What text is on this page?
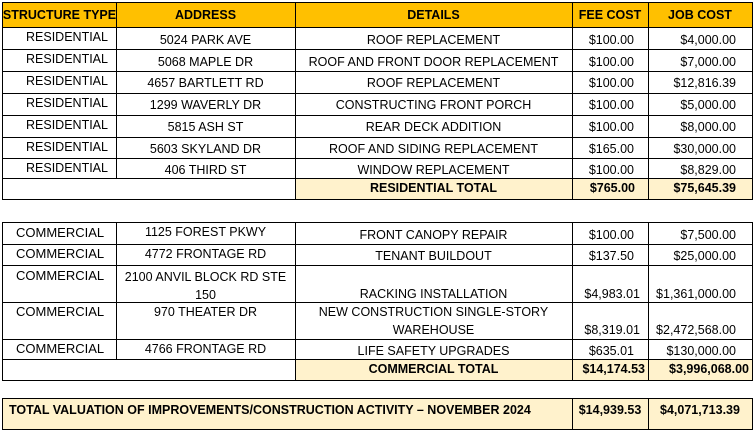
STRUCTURE TYPE	ADDRESS	DETAILS	FEE COST	JOB COST
RESIDENTIAL	5024 PARK AVE	ROOF REPLACEMENT	$100.00	$4,000.00
RESIDENTIAL	5068 MAPLE DR	ROOF AND FRONT DOOR REPLACEMENT	$100.00	$7,000.00
RESIDENTIAL	4657 BARTLETT RD	ROOF REPLACEMENT	$100.00	$12,816.39
RESIDENTIAL	1299 WAVERLY DR	CONSTRUCTING FRONT PORCH	$100.00	$5,000.00
RESIDENTIAL	5815 ASH ST	REAR DECK ADDITION	$100.00	$8,000.00
RESIDENTIAL	5603 SKYLAND DR	ROOF AND SIDING REPLACEMENT	$165.00	$30,000.00
RESIDENTIAL	406 THIRD ST	WINDOW REPLACEMENT	$100.00	$8,829.00
RESIDENTIAL TOTAL	$765.00	$75,645.39
COMMERCIAL	1125 FOREST PKWY	FRONT CANOPY REPAIR	$100.00	$7,500.00
COMMERCIAL	4772 FRONTAGE RD	TENANT BUILDOUT	$137.50	$25,000.00
COMMERCIAL	2100 ANVIL BLOCK RD STE 150	RACKING INSTALLATION	$4,983.01	$1,361,000.00
COMMERCIAL	970 THEATER DR	NEW CONSTRUCTION SINGLE-STORY WAREHOUSE	$8,319.01	$2,472,568.00
COMMERCIAL	4766 FRONTAGE RD	LIFE SAFETY UPGRADES	$635.01	$130,000.00
COMMERCIAL TOTAL	$14,174.53	$3,996,068.00
TOTAL VALUATION OF IMPROVEMENTS/CONSTRUCTION ACTIVITY – NOVEMBER 2024	$14,939.53	$4,071,713.39
